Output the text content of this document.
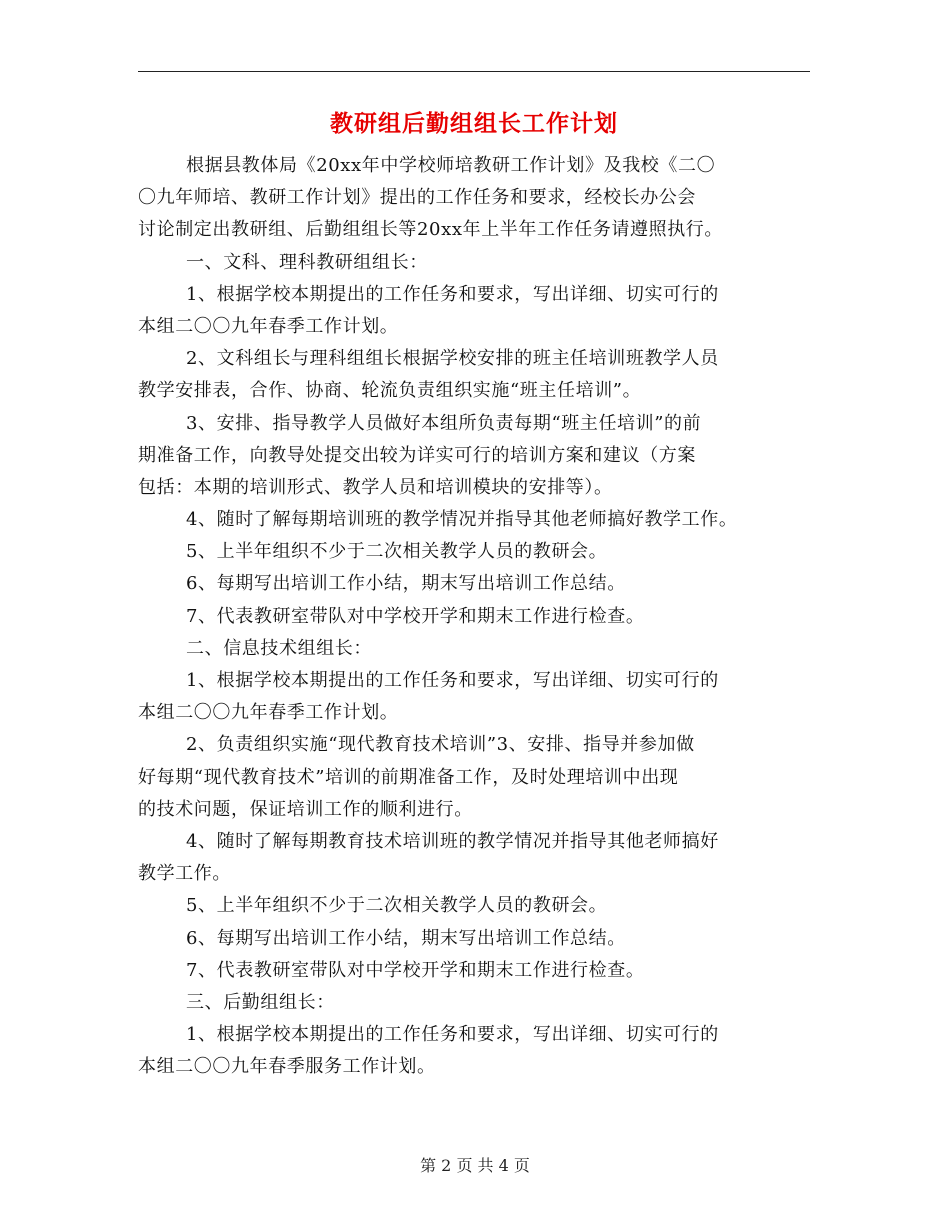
教研组后勤组组长工作计划
根据县教体局《20xx年中学校师培教研工作计划》及我校《二〇
〇九年师培、教研工作计划》提出的工作任务和要求，经校长办公会
讨论制定出教研组、后勤组组长等20xx年上半年工作任务请遵照执行。
一、文科、理科教研组组长：
1、根据学校本期提出的工作任务和要求，写出详细、切实可行的
本组二〇〇九年春季工作计划。
2、文科组长与理科组组长根据学校安排的班主任培训班教学人员
教学安排表，合作、协商、轮流负责组织实施“班主任培训”。
3、安排、指导教学人员做好本组所负责每期“班主任培训”的前
期准备工作，向教导处提交出较为详实可行的培训方案和建议（方案
包括：本期的培训形式、教学人员和培训模块的安排等）。
4、随时了解每期培训班的教学情况并指导其他老师搞好教学工作。
5、上半年组织不少于二次相关教学人员的教研会。
6、每期写出培训工作小结，期末写出培训工作总结。
7、代表教研室带队对中学校开学和期末工作进行检查。
二、信息技术组组长：
1、根据学校本期提出的工作任务和要求，写出详细、切实可行的
本组二〇〇九年春季工作计划。
2、负责组织实施“现代教育技术培训”3、安排、指导并参加做
好每期“现代教育技术”培训的前期准备工作，及时处理培训中出现
的技术问题，保证培训工作的顺利进行。
4、随时了解每期教育技术培训班的教学情况并指导其他老师搞好
教学工作。
5、上半年组织不少于二次相关教学人员的教研会。
6、每期写出培训工作小结，期末写出培训工作总结。
7、代表教研室带队对中学校开学和期末工作进行检查。
三、后勤组组长：
1、根据学校本期提出的工作任务和要求，写出详细、切实可行的
本组二〇〇九年春季服务工作计划。
第 2 页 共 4 页
